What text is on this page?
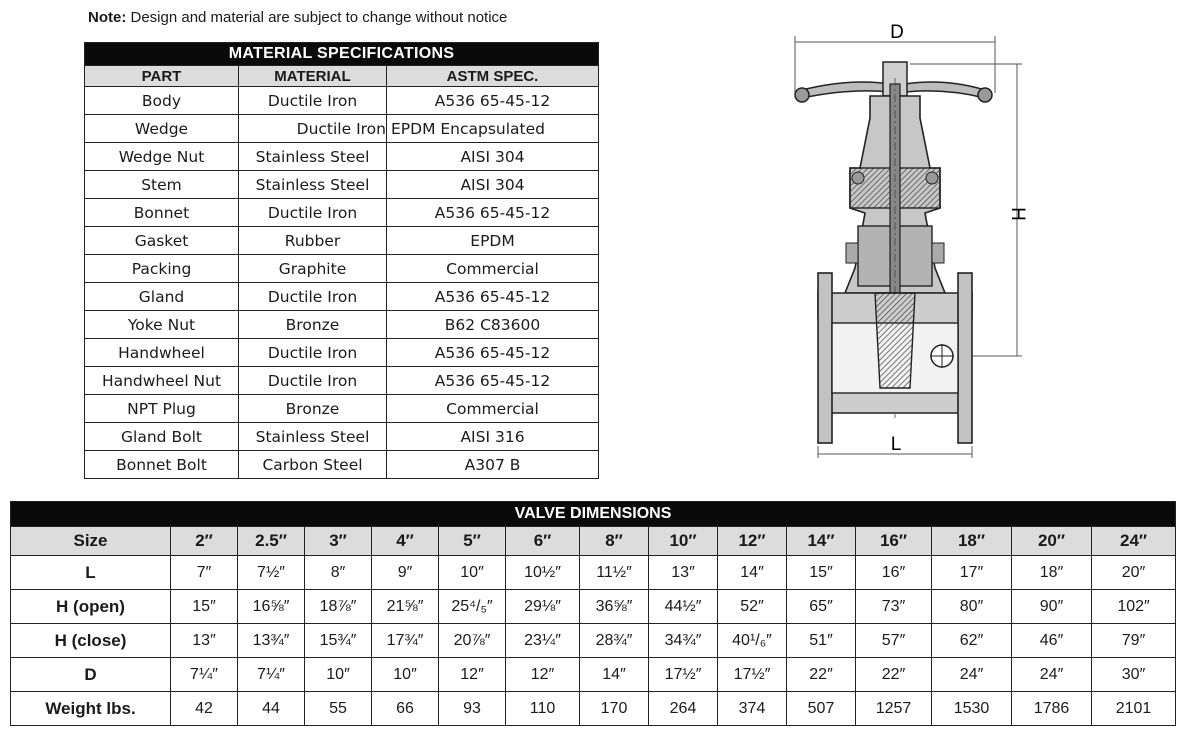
Note: Design and material are subject to change without notice
MATERIAL SPECIFICATIONS		
PART	MATERIAL	ASTM SPEC.
Body	Ductile Iron	A536 65-45-12
Wedge	Ductile Iron	EPDM Encapsulated
Wedge Nut	Stainless Steel	AISI 304
Stem	Stainless Steel	AISI 304
Bonnet	Ductile Iron	A536 65-45-12
Gasket	Rubber	EPDM
Packing	Graphite	Commercial
Gland	Ductile Iron	A536 65-45-12
Yoke Nut	Bronze	B62 C83600
Handwheel	Ductile Iron	A536 65-45-12
Handwheel Nut	Ductile Iron	A536 65-45-12
NPT Plug	Bronze	Commercial
Gland Bolt	Stainless Steel	AISI 316
Bonnet Bolt	Carbon Steel	A307 B
D
H
L
VALVE DIMENSIONS														
Size	2″	2.5″	3″	4″	5″	6″	8″	10″	12″	14″	16″	18″	20″	24″
L	7″	7½″	8″	9″	10″	10½″	11½″	13″	14″	15″	16″	17″	18″	20″
H (open)	15″	16⅝″	18⅞″	21⅝″	25⁴/₅″	29⅛″	36⅝″	44½″	52″	65″	73″	80″	90″	102″
H (close)	13″	13¾″	15¾″	17¾″	20⅞″	23¼″	28¾″	34¾″	40¹/₆″	51″	57″	62″	46″	79″
D	7¼″	7¼″	10″	10″	12″	12″	14″	17½″	17½″	22″	22″	24″	24″	30″
Weight lbs.	42	44	55	66	93	110	170	264	374	507	1257	1530	1786	2101
